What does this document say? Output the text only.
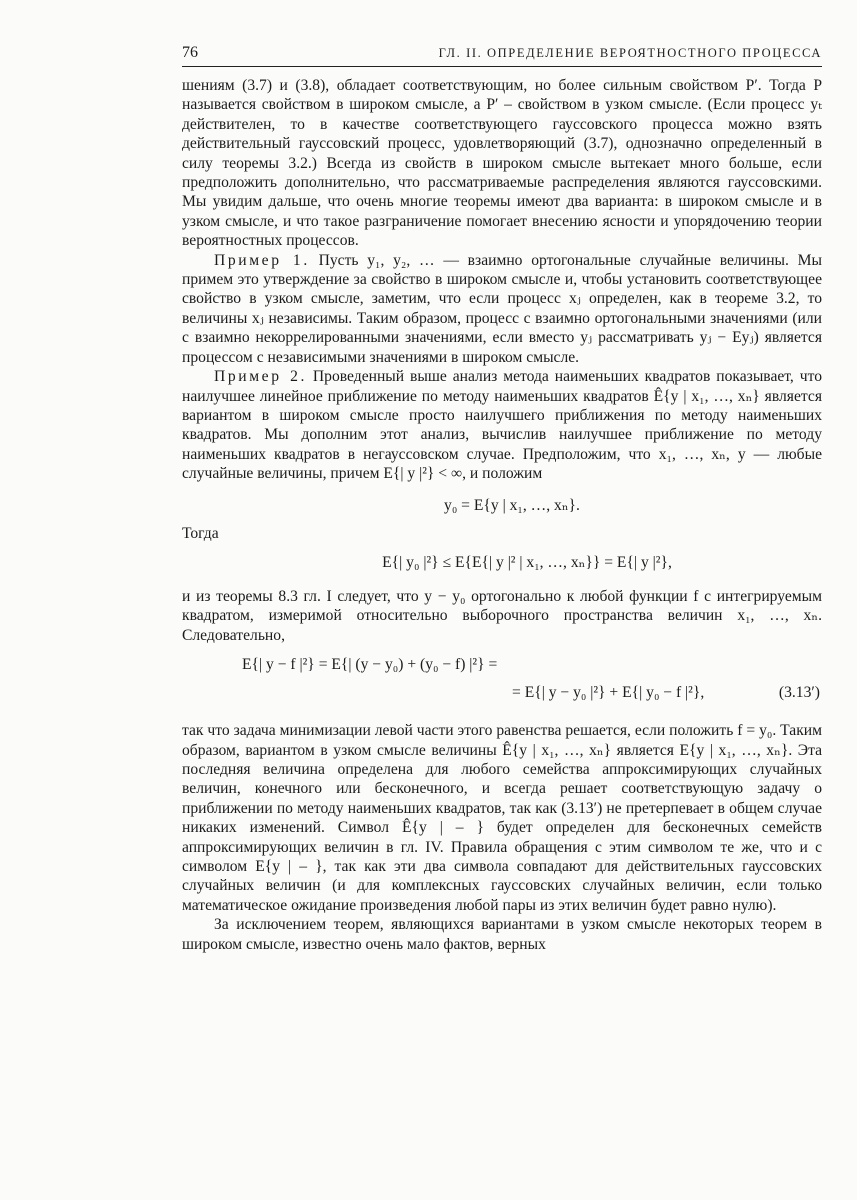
76	ГЛ. II. ОПРЕДЕЛЕНИЕ ВЕРОЯТНОСТНОГО ПРОЦЕССА

шениям (3.7) и (3.8), обладает соответствующим, но более сильным свойством P′. Тогда P называется свойством в широком смысле, а P′ – свойством в узком смысле. (Если процесс yₜ действителен, то в качестве соответствующего гауссовского процесса можно взять действительный гауссовский процесс, удовлетворяющий (3.7), однозначно определенный в силу теоремы 3.2.) Всегда из свойств в широком смысле вытекает много больше, если предположить дополнительно, что рассматриваемые распределения являются гауссовскими. Мы увидим дальше, что очень многие теоремы имеют два варианта: в широком смысле и в узком смысле, и что такое разграничение помогает внесению ясности и упорядочению теории вероятностных процессов.

Пример 1. Пусть y₁, y₂, … — взаимно ортогональные случайные величины. Мы примем это утверждение за свойство в широком смысле и, чтобы установить соответствующее свойство в узком смысле, заметим, что если процесс xⱼ определен, как в теореме 3.2, то величины xⱼ независимы. Таким образом, процесс с взаимно ортогональными значениями (или с взаимно некоррелированными значениями, если вместо yⱼ рассматривать yⱼ − Eyⱼ) является процессом с независимыми значениями в широком смысле.

Пример 2. Проведенный выше анализ метода наименьших квадратов показывает, что наилучшее линейное приближение по методу наименьших квадратов Ê{y | x₁, …, xₙ} является вариантом в широком смысле просто наилучшего приближения по методу наименьших квадратов. Мы дополним этот анализ, вычислив наилучшее приближение по методу наименьших квадратов в негауссовском случае. Предположим, что x₁, …, xₙ, y — любые случайные величины, причем E{| y |²} < ∞, и положим

y₀ = E{y | x₁, …, xₙ}.
Тогда
E{| y₀ |²} ≤ E{E{| y |² | x₁, …, xₙ}} = E{| y |²},

и из теоремы 8.3 гл. I следует, что y − y₀ ортогонально к любой функции f с интегрируемым квадратом, измеримой относительно выборочного пространства величин x₁, …, xₙ. Следовательно,

E{| y − f |²} = E{| (y − y₀) + (y₀ − f) |²} =
= E{| y − y₀ |²} + E{| y₀ − f |²},	(3.13′)

так что задача минимизации левой части этого равенства решается, если положить f = y₀. Таким образом, вариантом в узком смысле величины Ê{y | x₁, …, xₙ} является E{y | x₁, …, xₙ}. Эта последняя величина определена для любого семейства аппроксимирующих случайных величин, конечного или бесконечного, и всегда решает соответствующую задачу о приближении по методу наименьших квадратов, так как (3.13′) не претерпевает в общем случае никаких изменений. Символ Ê{y | – } будет определен для бесконечных семейств аппроксимирующих величин в гл. IV. Правила обращения с этим символом те же, что и с символом E{y | – }, так как эти два символа совпадают для действительных гауссовских случайных величин (и для комплексных гауссовских случайных величин, если только математическое ожидание произведения любой пары из этих величин будет равно нулю).

За исключением теорем, являющихся вариантами в узком смысле некоторых теорем в широком смысле, известно очень мало фактов, верных
